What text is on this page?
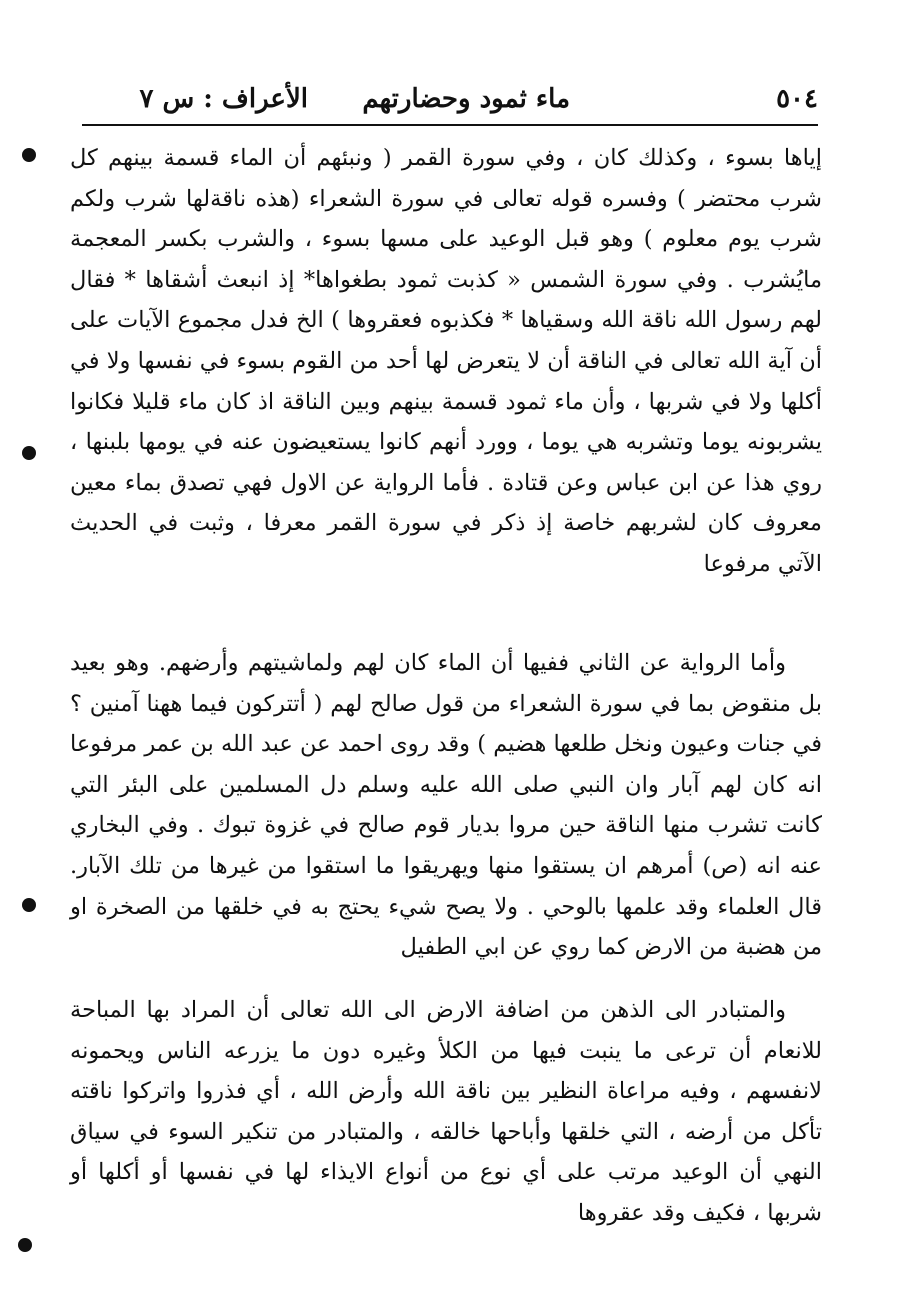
٥٠٤
ماء ثمود وحضارتهم
الأعراف : س ٧

إياها بسوء ، وكذلك كان ، وفي سورة القمر ( ونبئهم أن الماء قسمة بينهم كل شرب محتضر ) وفسره قوله تعالى في سورة الشعراء (هذه ناقةلها شرب ولكم شرب يوم معلوم ) وهو قبل الوعيد على مسها بسوء ، والشرب بكسر المعجمة مايُشرب . وفي سورة الشمس « كذبت ثمود بطغواها* إذ انبعث أشقاها * فقال لهم رسول الله ناقة الله وسقياها * فكذبوه فعقروها ) الخ فدل مجموع الآيات على أن آية الله تعالى في الناقة أن لا يتعرض لها أحد من القوم بسوء في نفسها ولا في أكلها ولا في شربها ، وأن ماء ثمود قسمة بينهم وبين الناقة اذ كان ماء قليلا فكانوا يشربونه يوما وتشربه هي يوما ، وورد أنهم كانوا يستعيضون عنه في يومها بلبنها ، روي هذا عن ابن عباس وعن قتادة . فأما الرواية عن الاول فهي تصدق بماء معين معروف كان لشربهم خاصة إذ ذكر في سورة القمر معرفا ، وثبت في الحديث الآتي مرفوعا

وأما الرواية عن الثاني ففيها أن الماء كان لهم ولماشيتهم وأرضهم. وهو بعيد بل منقوض بما في سورة الشعراء من قول صالح لهم ( أتتركون فيما ههنا آمنين ؟ في جنات وعيون ونخل طلعها هضيم ) وقد روى احمد عن عبد الله بن عمر مرفوعا انه كان لهم آبار وان النبي صلى الله عليه وسلم دل المسلمين على البئر التي كانت تشرب منها الناقة حين مروا بديار قوم صالح في غزوة تبوك . وفي البخاري عنه انه (ص) أمرهم ان يستقوا منها ويهريقوا ما استقوا من غيرها من تلك الآبار. قال العلماء وقد علمها بالوحي . ولا يصح شيء يحتج به في خلقها من الصخرة او من هضبة من الارض كما روي عن ابي الطفيل

والمتبادر الى الذهن من اضافة الارض الى الله تعالى أن المراد بها المباحة للانعام أن ترعى ما ينبت فيها من الكلأ وغيره دون ما يزرعه الناس ويحمونه لانفسهم ، وفيه مراعاة النظير بين ناقة الله وأرض الله ، أي فذروا واتركوا ناقته تأكل من أرضه ، التي خلقها وأباحها خالقه ، والمتبادر من تنكير السوء في سياق النهي أن الوعيد مرتب على أي نوع من أنواع الايذاء لها في نفسها أو أكلها أو شربها ، فكيف وقد عقروها
